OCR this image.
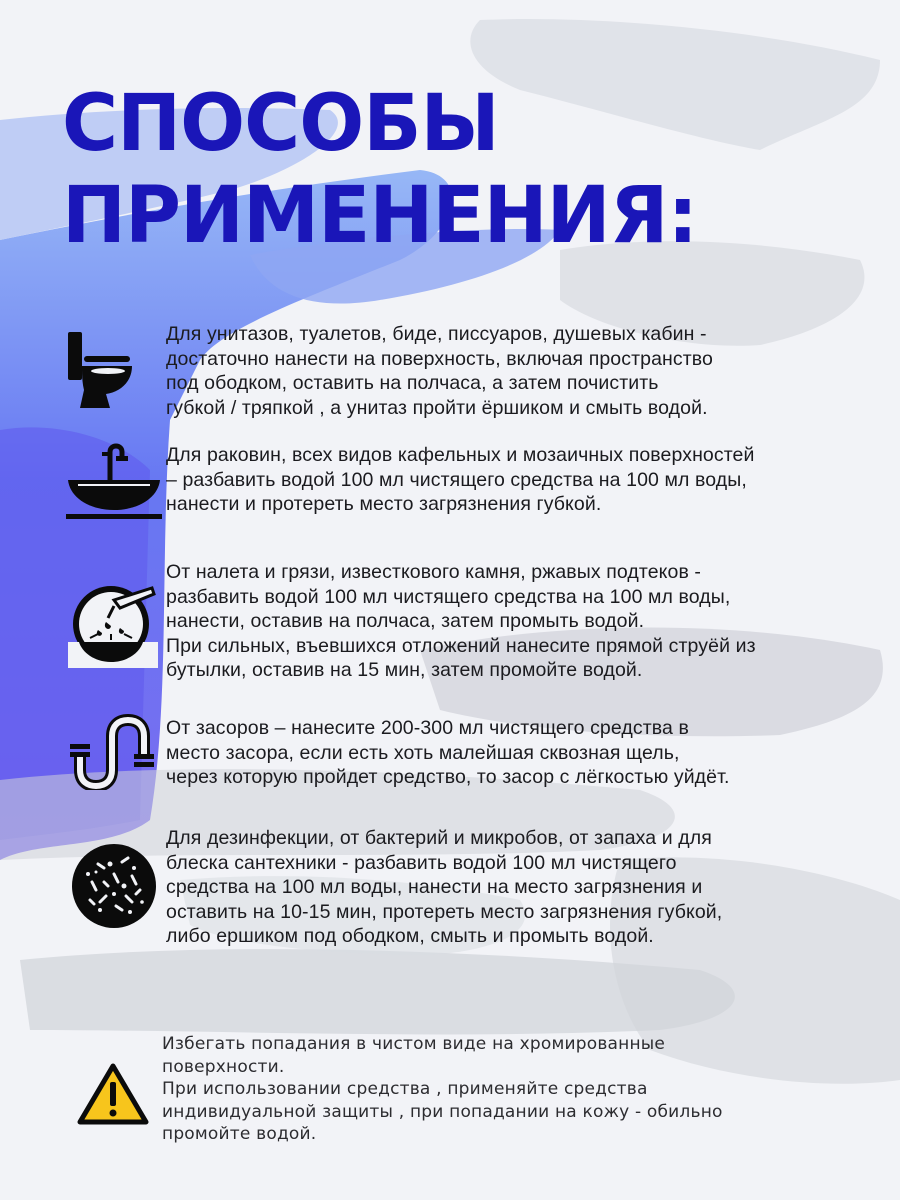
СПОСОБЫ
ПРИМЕНЕНИЯ:
Для унитазов, туалетов, биде, писсуаров, душевых кабин -
достаточно нанести на поверхность, включая пространство
под ободком, оставить на полчаса, а затем почистить
губкой / тряпкой , а унитаз пройти ёршиком и смыть водой.
Для раковин, всех видов кафельных и мозаичных поверхностей
– разбавить водой 100 мл чистящего средства на 100 мл воды,
нанести и протереть место загрязнения губкой.
От налета и грязи, известкового камня, ржавых подтеков -
разбавить водой 100 мл чистящего средства на 100 мл воды,
нанести, оставив на полчаса, затем промыть водой.
При сильных, въевшихся отложений нанесите прямой струёй из
бутылки, оставив на 15 мин, затем промойте водой.
От засоров – нанесите 200-300 мл чистящего средства в
место засора, если есть хоть малейшая сквозная щель,
через которую пройдет средство, то засор с лёгкостью уйдёт.
Для дезинфекции, от бактерий и микробов, от запаха и для
блеска сантехники - разбавить водой 100 мл чистящего
средства на 100 мл воды, нанести на место загрязнения и
оставить на 10-15 мин, протереть место загрязнения губкой,
либо ершиком под ободком, смыть и промыть водой.
Избегать попадания в чистом виде на хромированные
поверхности.
При использовании средства , применяйте средства
индивидуальной защиты , при попадании на кожу - обильно
промойте водой.
